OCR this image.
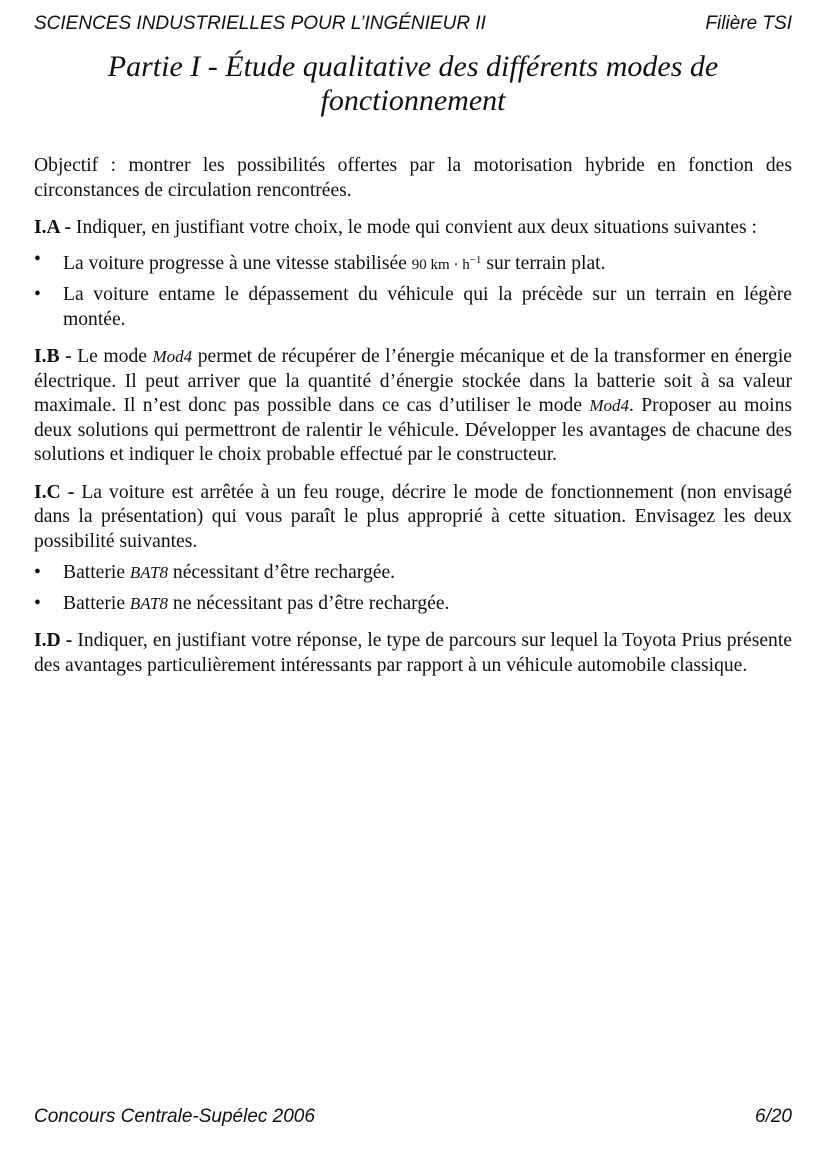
SCIENCES INDUSTRIELLES POUR L’INGÉNIEUR II	Filière TSI
Partie I - Étude qualitative des différents modes de fonctionnement

Objectif : montrer les possibilités offertes par la motorisation hybride en fonction des circonstances de circulation rencontrées.

I.A - Indiquer, en justifiant votre choix, le mode qui convient aux deux situations suivantes :

• La voiture progresse à une vitesse stabilisée 90 km · $h^{-1}$ sur terrain plat.
• La voiture entame le dépassement du véhicule qui la précède sur un terrain en légère montée.

I.B - Le mode Mod4 permet de récupérer de l’énergie mécanique et de la transformer en énergie électrique. Il peut arriver que la quantité d’énergie stockée dans la batterie soit à sa valeur maximale. Il n’est donc pas possible dans ce cas d’utiliser le mode Mod4. Proposer au moins deux solutions qui permettront de ralentir le véhicule. Développer les avantages de chacune des solutions et indiquer le choix probable effectué par le constructeur.

I.C - La voiture est arrêtée à un feu rouge, décrire le mode de fonctionnement (non envisagé dans la présentation) qui vous paraît le plus approprié à cette situation. Envisagez les deux possibilité suivantes.

• Batterie BAT8 nécessitant d’être rechargée.
• Batterie BAT8 ne nécessitant pas d’être rechargée.

I.D - Indiquer, en justifiant votre réponse, le type de parcours sur lequel la Toyota Prius présente des avantages particulièrement intéressants par rapport à un véhicule automobile classique.

Concours Centrale-Supélec 2006	6/20
